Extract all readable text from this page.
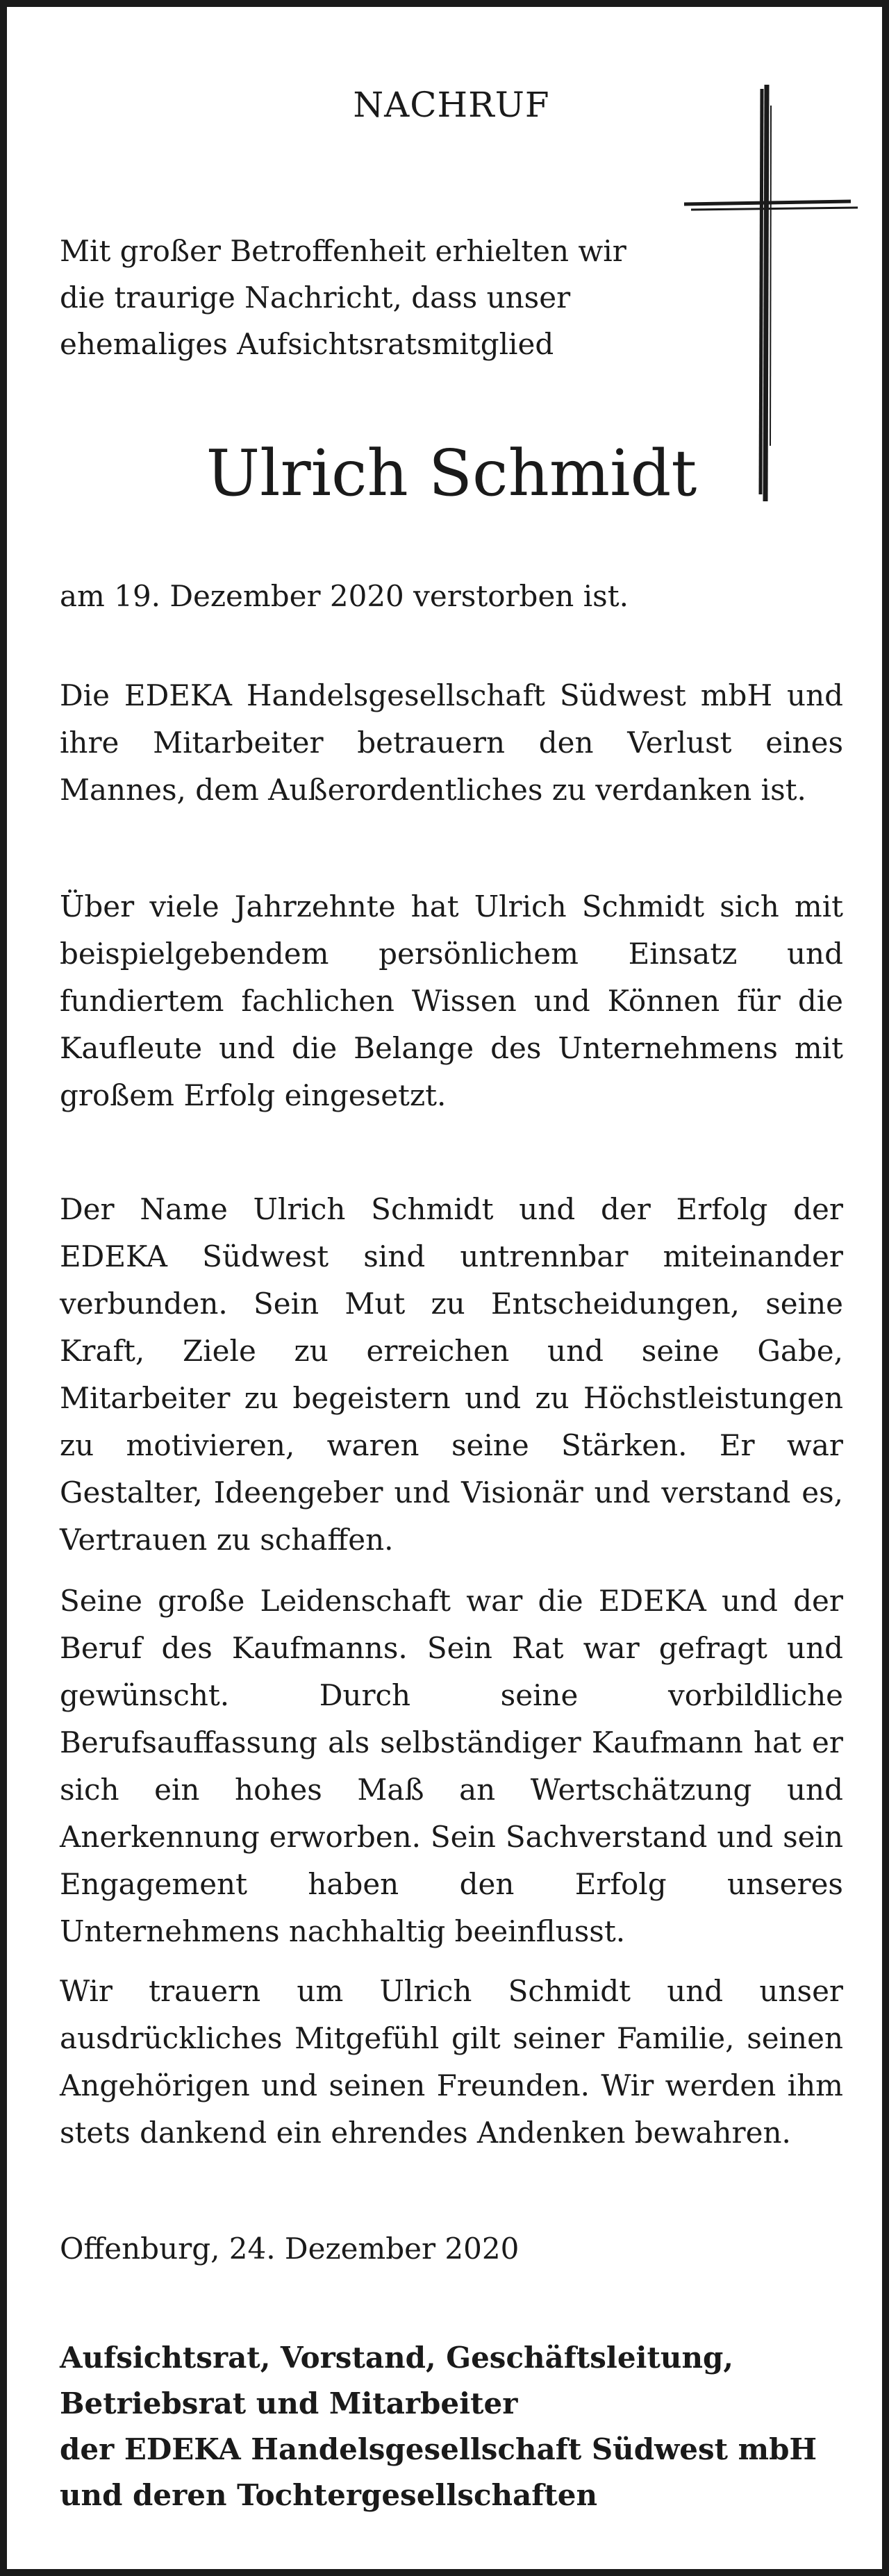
NACHRUF
Mit großer Betroffenheit erhielten wir
die traurige Nachricht, dass unser
ehemaliges Aufsichtsratsmitglied
Ulrich Schmidt

am 19. Dezember 2020 verstorben ist.

Die EDEKA Handelsgesellschaft Südwest mbH und ihre Mitarbeiter betrauern den Verlust eines Mannes, dem Außerordentliches zu verdanken ist.

Über viele Jahrzehnte hat Ulrich Schmidt sich mit beispielgebendem persönlichem Einsatz und fundiertem fachlichen Wissen und Können für die Kaufleute und die Belange des Unternehmens mit großem Erfolg eingesetzt.

Der Name Ulrich Schmidt und der Erfolg der EDEKA Südwest sind untrennbar miteinander verbunden. Sein Mut zu Entscheidungen, seine Kraft, Ziele zu erreichen und seine Gabe, Mitarbeiter zu begeistern und zu Höchstleistungen zu motivieren, waren seine Stärken. Er war Gestalter, Ideengeber und Visionär und verstand es, Vertrauen zu schaffen.

Seine große Leidenschaft war die EDEKA und der Beruf des Kaufmanns. Sein Rat war gefragt und gewünscht. Durch seine vorbildliche Berufsauffassung als selbständiger Kaufmann hat er sich ein hohes Maß an Wertschätzung und Anerkennung erworben. Sein Sachverstand und sein Engagement haben den Erfolg unseres Unternehmens nachhaltig beeinflusst.

Wir trauern um Ulrich Schmidt und unser ausdrückliches Mitgefühl gilt seiner Familie, seinen Angehörigen und seinen Freunden. Wir werden ihm stets dankend ein ehrendes Andenken bewahren.

Offenburg, 24. Dezember 2020

Aufsichtsrat, Vorstand, Geschäftsleitung,
Betriebsrat und Mitarbeiter
der EDEKA Handelsgesellschaft Südwest mbH
und deren Tochtergesellschaften
